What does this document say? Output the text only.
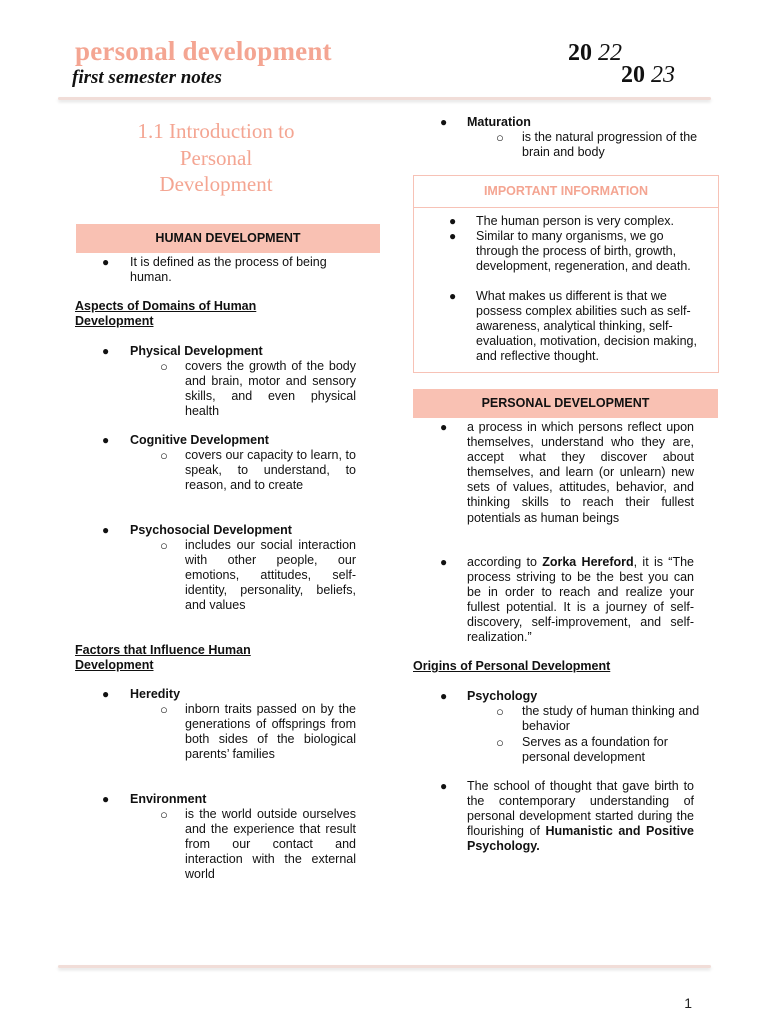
personal development
first semester notes
20 22
20 23
1.1 Introduction to
Personal
Development
HUMAN DEVELOPMENT
● It is defined as the process of being human.
Aspects of Domains of Human
Development
● Physical Development
○ covers the growth of the body and brain, motor and sensory skills, and even physical health
● Cognitive Development
○ covers our capacity to learn, to speak, to understand, to reason, and to create
● Psychosocial Development
○ includes our social interaction with other people, our emotions, attitudes, self-identity, personality, beliefs, and values
Factors that Influence Human
Development
● Heredity
○ inborn traits passed on by the generations of offsprings from both sides of the biological parents’ families
● Environment
○ is the world outside ourselves and the experience that result from our contact and interaction with the external world
● Maturation
○ is the natural progression of the brain and body
IMPORTANT INFORMATION
● The human person is very complex.
● Similar to many organisms, we go through the process of birth, growth, development, regeneration, and death.
● What makes us different is that we possess complex abilities such as self-awareness, analytical thinking, self-evaluation, motivation, decision making, and reflective thought.
PERSONAL DEVELOPMENT
● a process in which persons reflect upon themselves, understand who they are, accept what they discover about themselves, and learn (or unlearn) new sets of values, attitudes, behavior, and thinking skills to reach their fullest potentials as human beings
● according to Zorka Hereford, it is “The process striving to be the best you can be in order to reach and realize your fullest potential. It is a journey of self-discovery, self-improvement, and self-realization.”
Origins of Personal Development
● Psychology
○ the study of human thinking and behavior
○ Serves as a foundation for personal development
● The school of thought that gave birth to the contemporary understanding of personal development started during the flourishing of Humanistic and Positive Psychology.
1
